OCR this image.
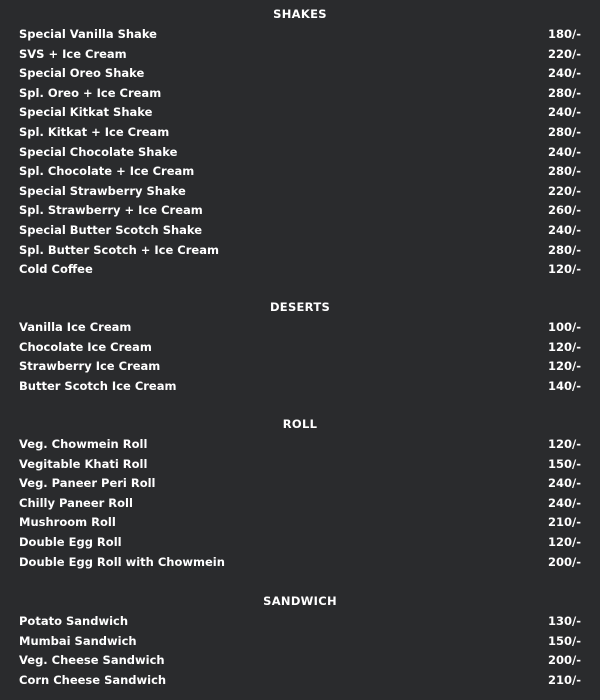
SHAKES
Special Vanilla Shake	180/-
SVS + Ice Cream	220/-
Special Oreo Shake	240/-
Spl. Oreo + Ice Cream	280/-
Special Kitkat Shake	240/-
Spl. Kitkat + Ice Cream	280/-
Special Chocolate Shake	240/-
Spl. Chocolate + Ice Cream	280/-
Special Strawberry Shake	220/-
Spl. Strawberry + Ice Cream	260/-
Special Butter Scotch Shake	240/-
Spl. Butter Scotch + Ice Cream	280/-
Cold Coffee	120/-
DESERTS
Vanilla Ice Cream	100/-
Chocolate Ice Cream	120/-
Strawberry Ice Cream	120/-
Butter Scotch Ice Cream	140/-
ROLL
Veg. Chowmein Roll	120/-
Vegitable Khati Roll	150/-
Veg. Paneer Peri Roll	240/-
Chilly Paneer Roll	240/-
Mushroom Roll	210/-
Double Egg Roll	120/-
Double Egg Roll with Chowmein	200/-
SANDWICH
Potato Sandwich	130/-
Mumbai Sandwich	150/-
Veg. Cheese Sandwich	200/-
Corn Cheese Sandwich	210/-
